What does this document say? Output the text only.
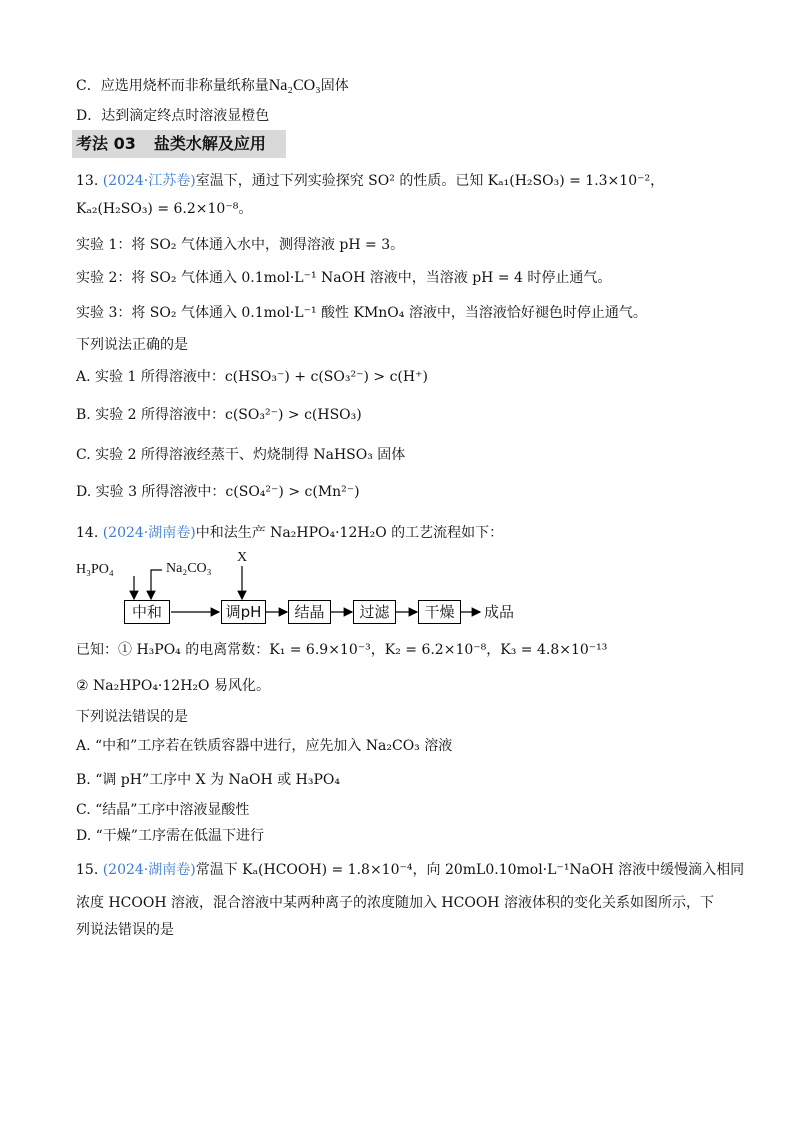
C．应选用烧杯而非称量纸称量Na₂CO₃固体
D．达到滴定终点时溶液显橙色
考法 03 盐类水解及应用
13. (2024·江苏卷)室温下，通过下列实验探究 SO² 的性质。已知 Kₐ₁(H₂SO₃) = 1.3×10⁻²，
Kₐ₂(H₂SO₃) = 6.2×10⁻⁸。
实验 1：将 SO₂ 气体通入水中，测得溶液 pH = 3。
实验 2：将 SO₂ 气体通入 0.1mol·L⁻¹ NaOH 溶液中，当溶液 pH = 4 时停止通气。
实验 3：将 SO₂ 气体通入 0.1mol·L⁻¹ 酸性 KMnO₄ 溶液中，当溶液恰好褪色时停止通气。
下列说法正确的是
A. 实验 1 所得溶液中：c(HSO₃⁻) + c(SO₃²⁻) > c(H⁺)
B. 实验 2 所得溶液中：c(SO₃²⁻) > c(HSO₃)
C. 实验 2 所得溶液经蒸干、灼烧制得 NaHSO₃ 固体
D. 实验 3 所得溶液中：c(SO₄²⁻) > c(Mn²⁻)
14. (2024·湖南卷)中和法生产 Na₂HPO₄·12H₂O 的工艺流程如下：
H₃PO₄	Na₂CO₃
X
中和	调pH	结晶	过滤	干燥	成品
已知：① H₃PO₄ 的电离常数：K₁ = 6.9×10⁻³，K₂ = 6.2×10⁻⁸，K₃ = 4.8×10⁻¹³
② Na₂HPO₄·12H₂O 易风化。
下列说法错误的是
A. “中和”工序若在铁质容器中进行，应先加入 Na₂CO₃ 溶液
B. “调 pH”工序中 X 为 NaOH 或 H₃PO₄
C. “结晶”工序中溶液显酸性
D. “干燥”工序需在低温下进行
15. (2024·湖南卷)常温下 Kₐ(HCOOH) = 1.8×10⁻⁴，向 20mL0.10mol·L⁻¹NaOH 溶液中缓慢滴入相同
浓度 HCOOH 溶液，混合溶液中某两种离子的浓度随加入 HCOOH 溶液体积的变化关系如图所示，下
列说法错误的是
